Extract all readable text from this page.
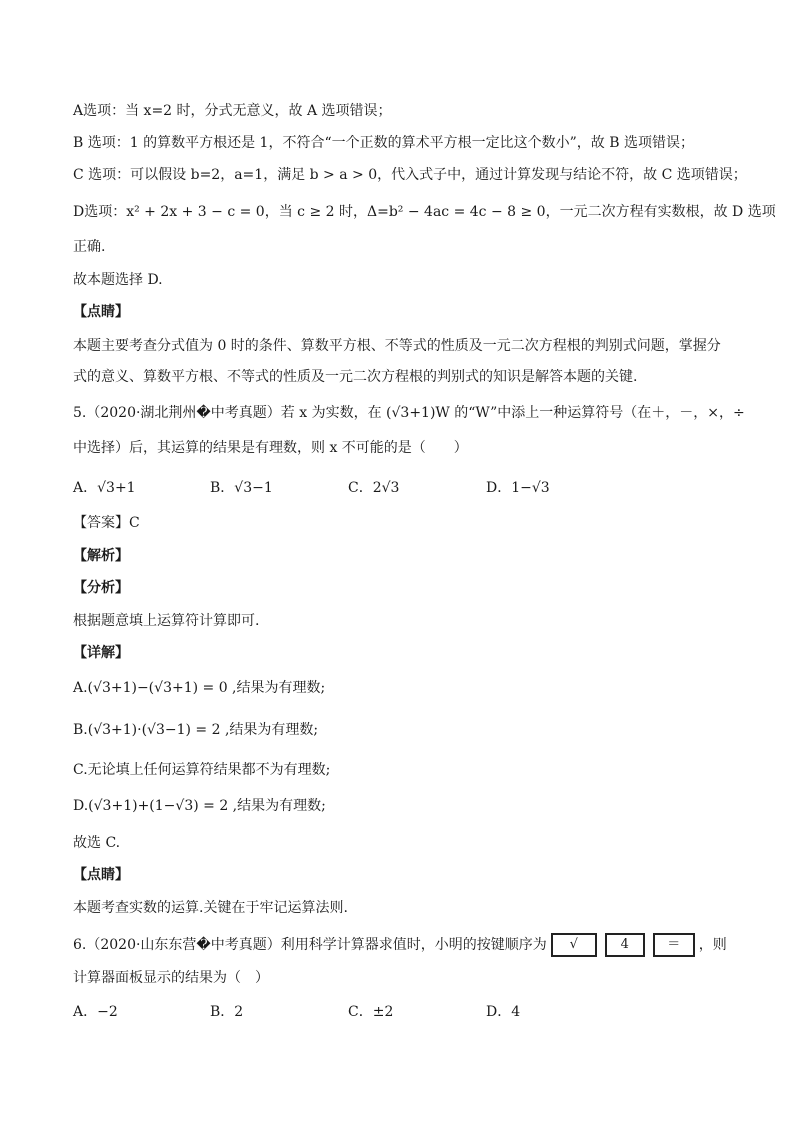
A选项：当 x=2 时，分式无意义，故 A 选项错误；
B 选项：1 的算数平方根还是 1，不符合“一个正数的算术平方根一定比这个数小”，故 B 选项错误；
C 选项：可以假设 b=2，a=1，满足 b > a > 0，代入式子中，通过计算发现与结论不符，故 C 选项错误；
D选项：x² + 2x + 3 − c = 0，当 c ≥ 2 时，Δ=b² − 4ac = 4c − 8 ≥ 0，一元二次方程有实数根，故 D 选项
正确.
故本题选择 D.
【点睛】
本题主要考查分式值为 0 时的条件、算数平方根、不等式的性质及一元二次方程根的判别式问题，掌握分
式的意义、算数平方根、不等式的性质及一元二次方程根的判别式的知识是解答本题的关键.
5.（2020·湖北荆州�中考真题）若 x 为实数，在 (√3+1)W 的“W”中添上一种运算符号（在＋，－，×，÷
中选择）后，其运算的结果是有理数，则 x 不可能的是（　　）
A．√3+1	B．√3−1	C．2√3	D．1−√3
【答案】C
【解析】
【分析】
根据题意填上运算符计算即可.
【详解】
A.(√3+1)−(√3+1) = 0 ,结果为有理数;
B.(√3+1)·(√3−1) = 2 ,结果为有理数;
C.无论填上任何运算符结果都不为有理数;
D.(√3+1)+(1−√3) = 2 ,结果为有理数;
故选 C.
【点睛】
本题考查实数的运算.关键在于牢记运算法则.
6.（2020·山东东营�中考真题）利用科学计算器求值时，小明的按键顺序为 √	4	＝ ，则
计算器面板显示的结果为（　）
A．−2	B．2	C．±2	D．4
